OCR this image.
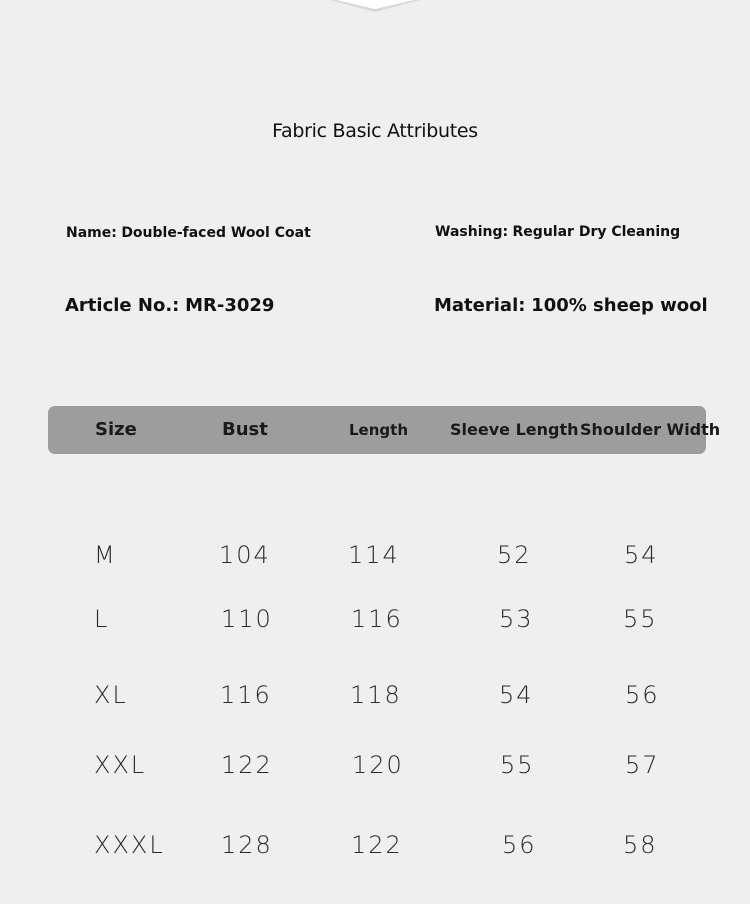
Fabric Basic Attributes
Name: Double-faced Wool Coat	Washing: Regular Dry Cleaning
Article No.: MR-3029	Material: 100% sheep wool
Size	Bust	Length	Sleeve Length Shoulder Width
M	104	114	52	54
L	110	116	53	55
XL	116	118	54	56
XXL	122	120	55	57
XXXL 128	122	56	58
